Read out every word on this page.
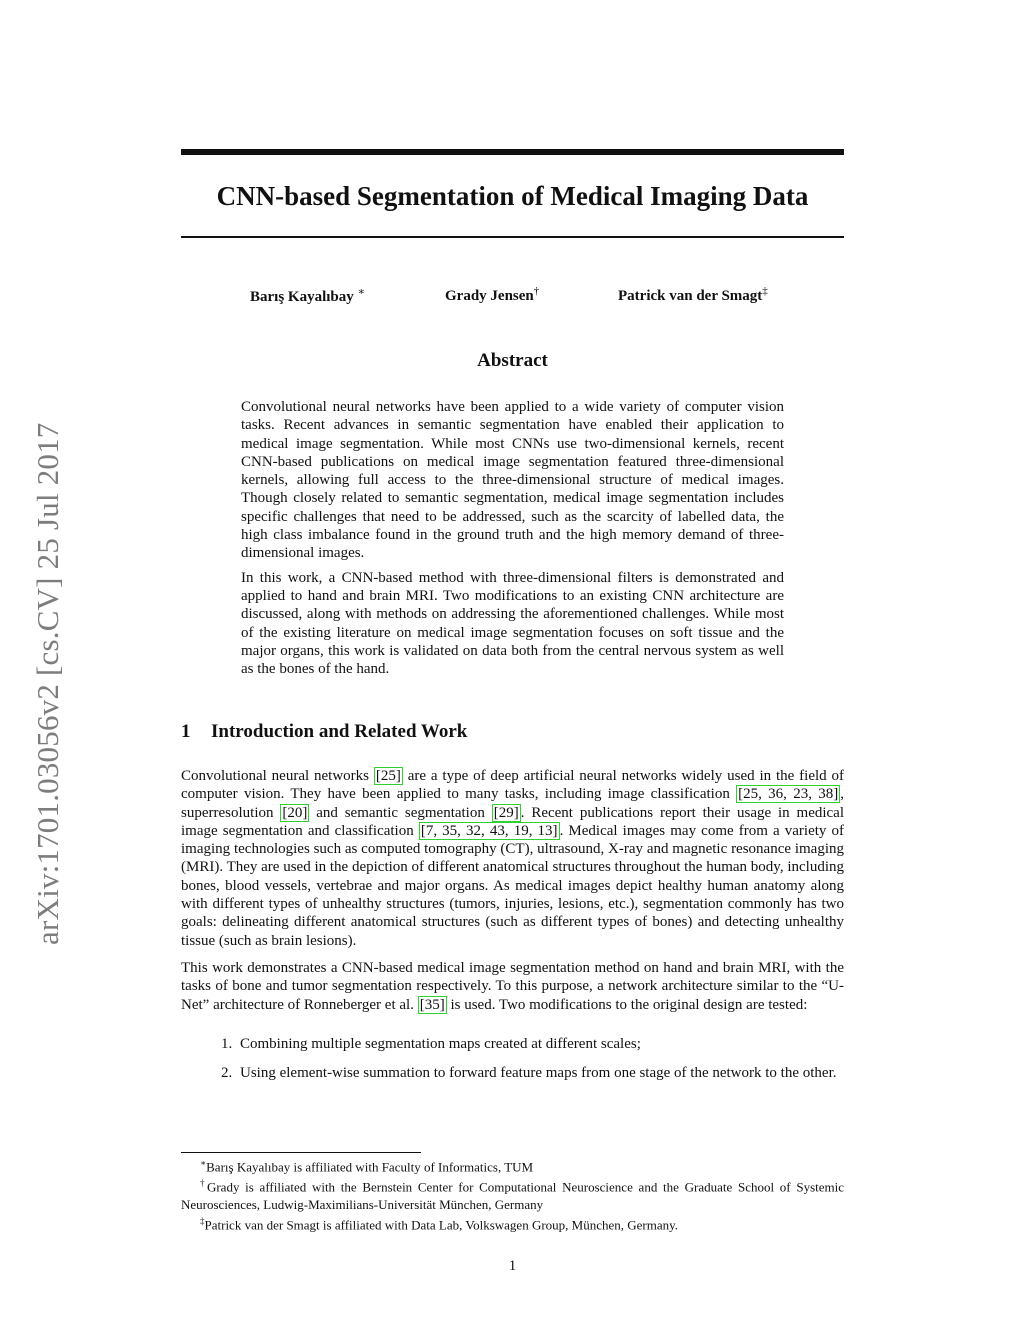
arXiv:1701.03056v2 [cs.CV] 25 Jul 2017
CNN-based Segmentation of Medical Imaging Data
Barış Kayalıbay ∗	Grady Jensen†	Patrick van der Smagt‡
Abstract

Convolutional neural networks have been applied to a wide variety of computer vision tasks. Recent advances in semantic segmentation have enabled their application to medical image segmentation. While most CNNs use two-dimensional kernels, recent CNN-based publications on medical image segmentation featured three-dimensional kernels, allowing full access to the three-dimensional structure of medical images. Though closely related to semantic segmentation, medical image segmentation includes specific challenges that need to be addressed, such as the scarcity of labelled data, the high class imbalance found in the ground truth and the high memory demand of three-dimensional images.

In this work, a CNN-based method with three-dimensional filters is demonstrated and applied to hand and brain MRI. Two modifications to an existing CNN architecture are discussed, along with methods on addressing the aforementioned challenges. While most of the existing literature on medical image segmentation focuses on soft tissue and the major organs, this work is validated on data both from the central nervous system as well as the bones of the hand.

1 Introduction and Related Work

Convolutional neural networks [25] are a type of deep artificial neural networks widely used in the field of computer vision. They have been applied to many tasks, including image classification [25, 36, 23, 38] , superresolution [20] and semantic segmentation [29] . Recent publications report their usage in medical image segmentation and classification [7, 35, 32, 43, 19, 13] . Medical images may come from a variety of imaging technologies such as computed tomography (CT), ultrasound, X-ray and magnetic resonance imaging (MRI). They are used in the depiction of different anatomical structures throughout the human body, including bones, blood vessels, vertebrae and major organs. As medical images depict healthy human anatomy along with different types of unhealthy structures (tumors, injuries, lesions, etc.), segmentation commonly has two goals: delineating different anatomical structures (such as different types of bones) and detecting unhealthy tissue (such as brain lesions).

This work demonstrates a CNN-based medical image segmentation method on hand and brain MRI, with the tasks of bone and tumor segmentation respectively. To this purpose, a network architecture similar to the “U-Net” architecture of Ronneberger et al. [35] is used. Two modifications to the original design are tested:

1. Combining multiple segmentation maps created at different scales;
2. Using element-wise summation to forward feature maps from one stage of the network to the other.

∗Barış Kayalıbay is affiliated with Faculty of Informatics, TUM

†Grady is affiliated with the Bernstein Center for Computational Neuroscience and the Graduate School of Systemic Neurosciences, Ludwig-Maximilians-Universität München, Germany

‡Patrick van der Smagt is affiliated with Data Lab, Volkswagen Group, München, Germany.

1
